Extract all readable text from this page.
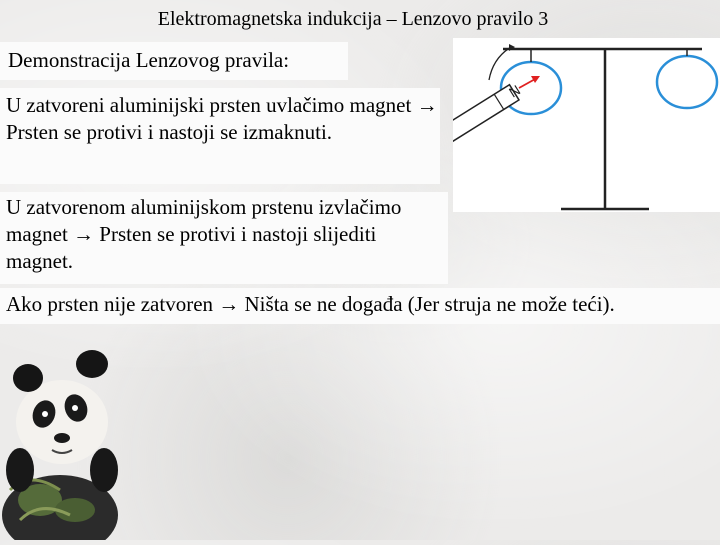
Elektromagnetska indukcija – Lenzovo pravilo 3
Demonstracija Lenzovog pravila:
U zatvoreni aluminijski prsten uvlačimo magnet → Prsten se protivi i nastoji se izmaknuti.
U zatvorenom aluminijskom prstenu izvlačimo magnet → Prsten se protivi i nastoji slijediti magnet.
Ako prsten nije zatvoren → Ništa se ne događa (Jer struja ne može teći).
N
